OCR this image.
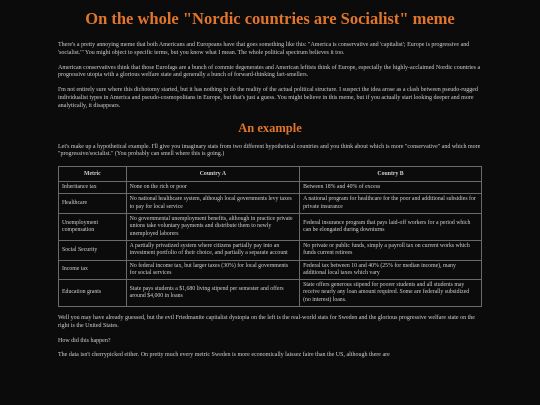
On the whole "Nordic countries are Socialist" meme

There's a pretty annoying meme that both Americans and Europeans have that goes something like this: "America is conservative and 'capitalist'; Europe is progressive and 'socialist.'" You might object to specific terms, but you know what I mean. The whole political spectrum believes it too.

American conservatives think that those Eurofags are a bunch of commie degenerates and American leftists think of Europe, especially the highly-acclaimed Nordic countries a progressive utopia with a glorious welfare state and generally a bunch of forward-thinking fart-smellers.

I'm not entirely sure where this dichotomy started, but it has nothing to do the reality of the actual political structure. I suspect the idea arose as a clash between pseudo-rugged individualist types in America and pseudo-cosmopolitans in Europe, but that's just a guess. You might believe in this meme, but if you actually start looking deeper and more analytically, it disappears.

An example

Let's make up a hypothetical example. I'll give you imaginary stats from two different hypothetical countries and you think about which is more "conservative" and which more "progressive/socialist." (You probably can smell where this is going.)

Metric	Country A	Country B
Inheritance tax	None on the rich or poor	Between 18% and 40% of excess
Healthcare	No national healthcare system, although local governments levy taxes to pay for local service	A national program for healthcare for the poor and additional subsidies for private insurance
Unemployment compensation	No governmental unemployment benefits, although in practice private unions take voluntary payments and distribute them to newly unemployed laborers	Federal insurance program that pays laid-off workers for a period which can be elongated during downturns
Social Security	A partially privatized system where citizens partially pay into an investment portfolio of their choice, and partially a separate account	No private or public funds, simply a payroll tax on current works which funds current retirees
Income tax	No federal income tax, but larger taxes (30%) for local governments for social services	Federal tax between 10 and 40% (25% for median income), many additional local taxes which vary
Education grants	State pays students a $1,680 living stipend per semester and offers around $4,000 in loans	State offers generous stipend for poorer students and all students may receive nearly any loan amount required. Some are federally subsidized (no interest) loans.

Well you may have already guessed, but the evil Friedmanite capitalist dystopia on the left is the real-world stats for Sweden and the glorious progressive welfare state on the right is the United States.

How did this happen?

The data isn't cherrypicked either. On pretty much every metric Sweden is more economically laissez faire than the US, although there are
